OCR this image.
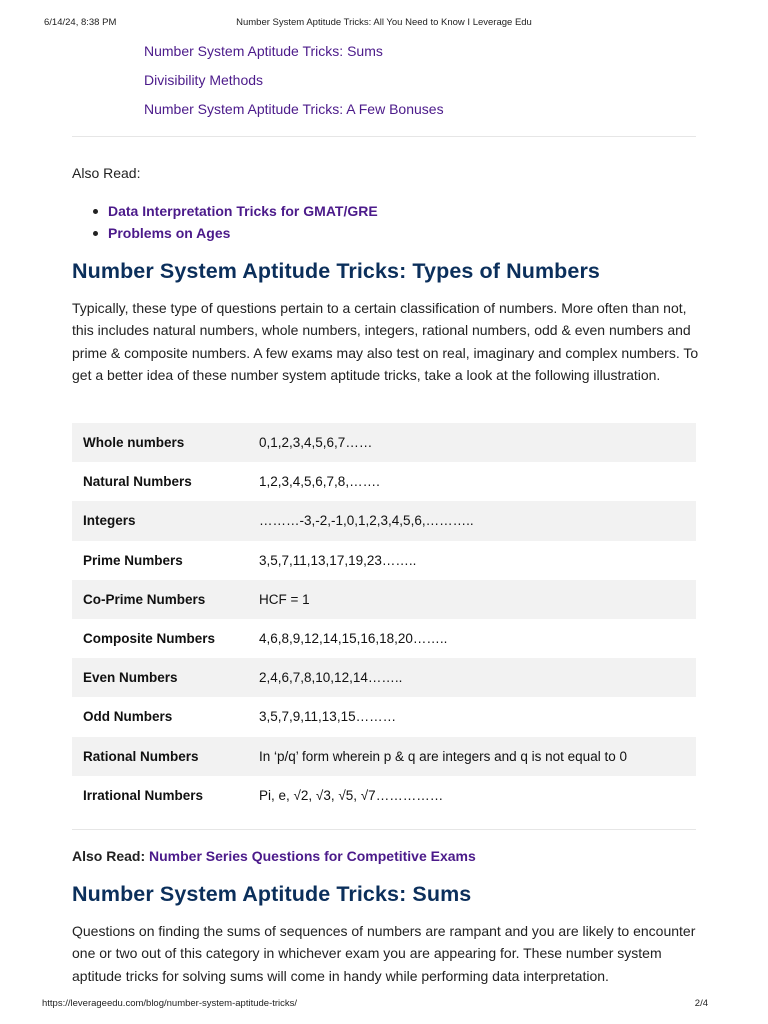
6/14/24, 8:38 PM	Number System Aptitude Tricks: All You Need to Know I Leverage Edu
Number System Aptitude Tricks: Sums
Divisibility Methods
Number System Aptitude Tricks: A Few Bonuses
Also Read:
Data Interpretation Tricks for GMAT/GRE
Problems on Ages
Number System Aptitude Tricks: Types of Numbers

Typically, these type of questions pertain to a certain classification of numbers. More often than not, this includes natural numbers, whole numbers, integers, rational numbers, odd & even numbers and prime & composite numbers. A few exams may also test on real, imaginary and complex numbers. To get a better idea of these number system aptitude tricks, take a look at the following illustration.

Whole numbers	0,1,2,3,4,5,6,7……
Natural Numbers	1,2,3,4,5,6,7,8,…….
Integers	………-3,-2,-1,0,1,2,3,4,5,6,………..
Prime Numbers	3,5,7,11,13,17,19,23……..
Co-Prime Numbers	HCF = 1
Composite Numbers	4,6,8,9,12,14,15,16,18,20……..
Even Numbers	2,4,6,7,8,10,12,14……..
Odd Numbers	3,5,7,9,11,13,15………
Rational Numbers	In ‘p/q’ form wherein p & q are integers and q is not equal to 0
Irrational Numbers	Pi, e, √2, √3, √5, √7……………
Also Read: Number Series Questions for Competitive Exams
Number System Aptitude Tricks: Sums

Questions on finding the sums of sequences of numbers are rampant and you are likely to encounter one or two out of this category in whichever exam you are appearing for. These number system aptitude tricks for solving sums will come in handy while performing data interpretation.

https://leverageedu.com/blog/number-system-aptitude-tricks/	2/4
